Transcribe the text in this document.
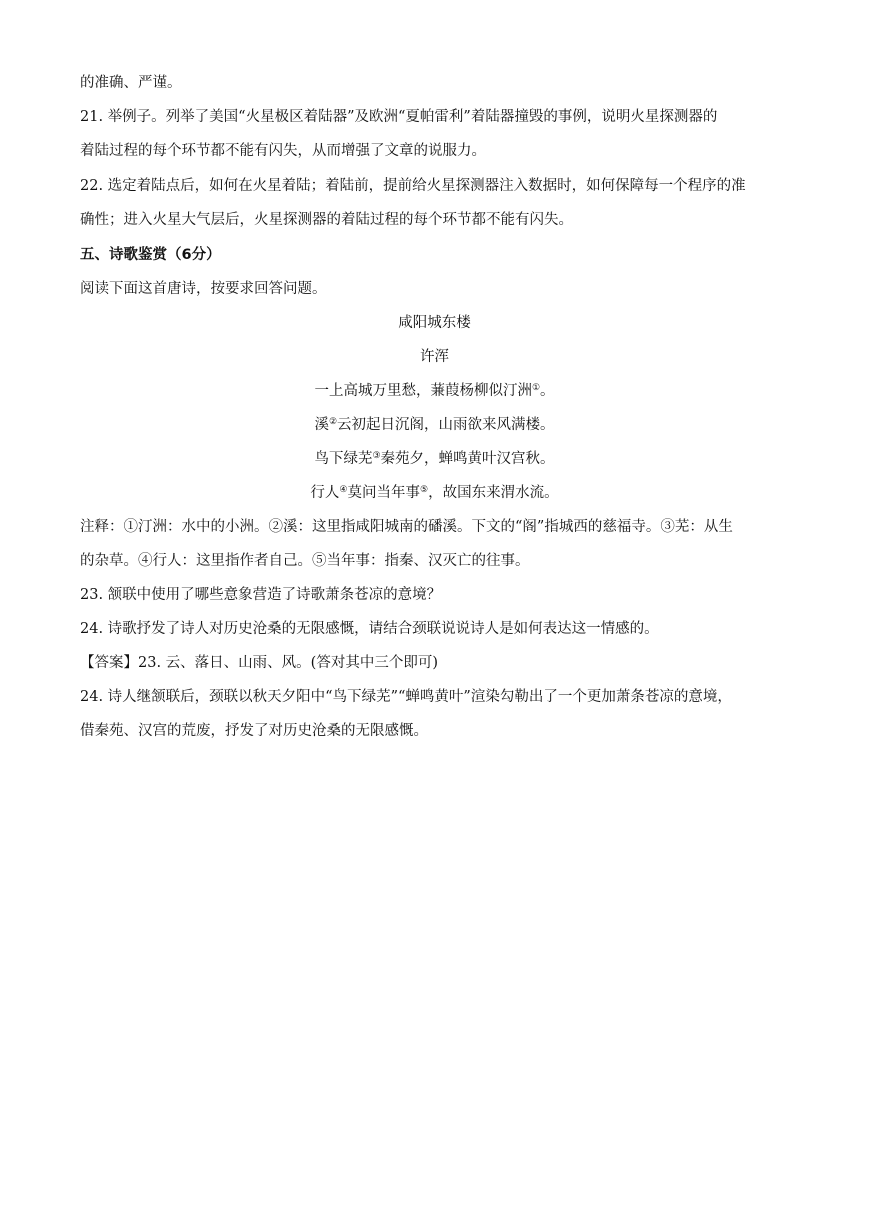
的准确、严谨。
21. 举例子。列举了美国“火星极区着陆器”及欧洲“夏帕雷利”着陆器撞毁的事例，说明火星探测器的
着陆过程的每个环节都不能有闪失，从而增强了文章的说服力。
22. 选定着陆点后，如何在火星着陆；着陆前，提前给火星探测器注入数据时，如何保障每一个程序的准
确性；进入火星大气层后，火星探测器的着陆过程的每个环节都不能有闪失。
五、诗歌鉴赏（6分）
阅读下面这首唐诗，按要求回答问题。
咸阳城东楼
许浑
一上高城万里愁，蒹葭杨柳似汀洲①。
溪②云初起日沉阁，山雨欲来风满楼。
鸟下绿芜③秦苑夕，蝉鸣黄叶汉宫秋。
行人④莫问当年事⑤，故国东来渭水流。
注释：①汀洲：水中的小洲。②溪：这里指咸阳城南的磻溪。下文的“阁”指城西的慈福寺。③芜：从生
的杂草。④行人：这里指作者自己。⑤当年事：指秦、汉灭亡的往事。
23. 颔联中使用了哪些意象营造了诗歌萧条苍凉的意境？
24. 诗歌抒发了诗人对历史沧桑的无限感慨，请结合颈联说说诗人是如何表达这一情感的。
【答案】23. 云、落日、山雨、风。(答对其中三个即可)
24. 诗人继颔联后，颈联以秋天夕阳中“鸟下绿芜”“蝉鸣黄叶”渲染勾勒出了一个更加萧条苍凉的意境，
借秦苑、汉宫的荒废，抒发了对历史沧桑的无限感慨。
